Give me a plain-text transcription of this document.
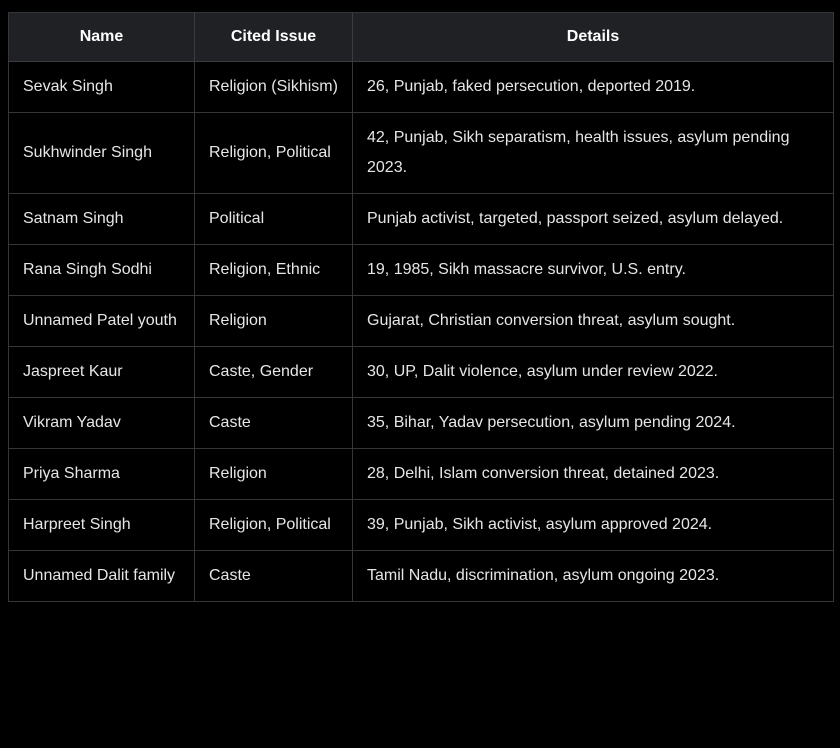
Name	Cited Issue	Details
Sevak Singh	Religion (Sikhism)	26, Punjab, faked persecution, deported 2019.
Sukhwinder Singh	Religion, Political	42, Punjab, Sikh separatism, health issues, asylum pending 2023.
Satnam Singh	Political	Punjab activist, targeted, passport seized, asylum delayed.
Rana Singh Sodhi	Religion, Ethnic	19, 1985, Sikh massacre survivor, U.S. entry.
Unnamed Patel youth	Religion	Gujarat, Christian conversion threat, asylum sought.
Jaspreet Kaur	Caste, Gender	30, UP, Dalit violence, asylum under review 2022.
Vikram Yadav	Caste	35, Bihar, Yadav persecution, asylum pending 2024.
Priya Sharma	Religion	28, Delhi, Islam conversion threat, detained 2023.
Harpreet Singh	Religion, Political	39, Punjab, Sikh activist, asylum approved 2024.
Unnamed Dalit family	Caste	Tamil Nadu, discrimination, asylum ongoing 2023.
